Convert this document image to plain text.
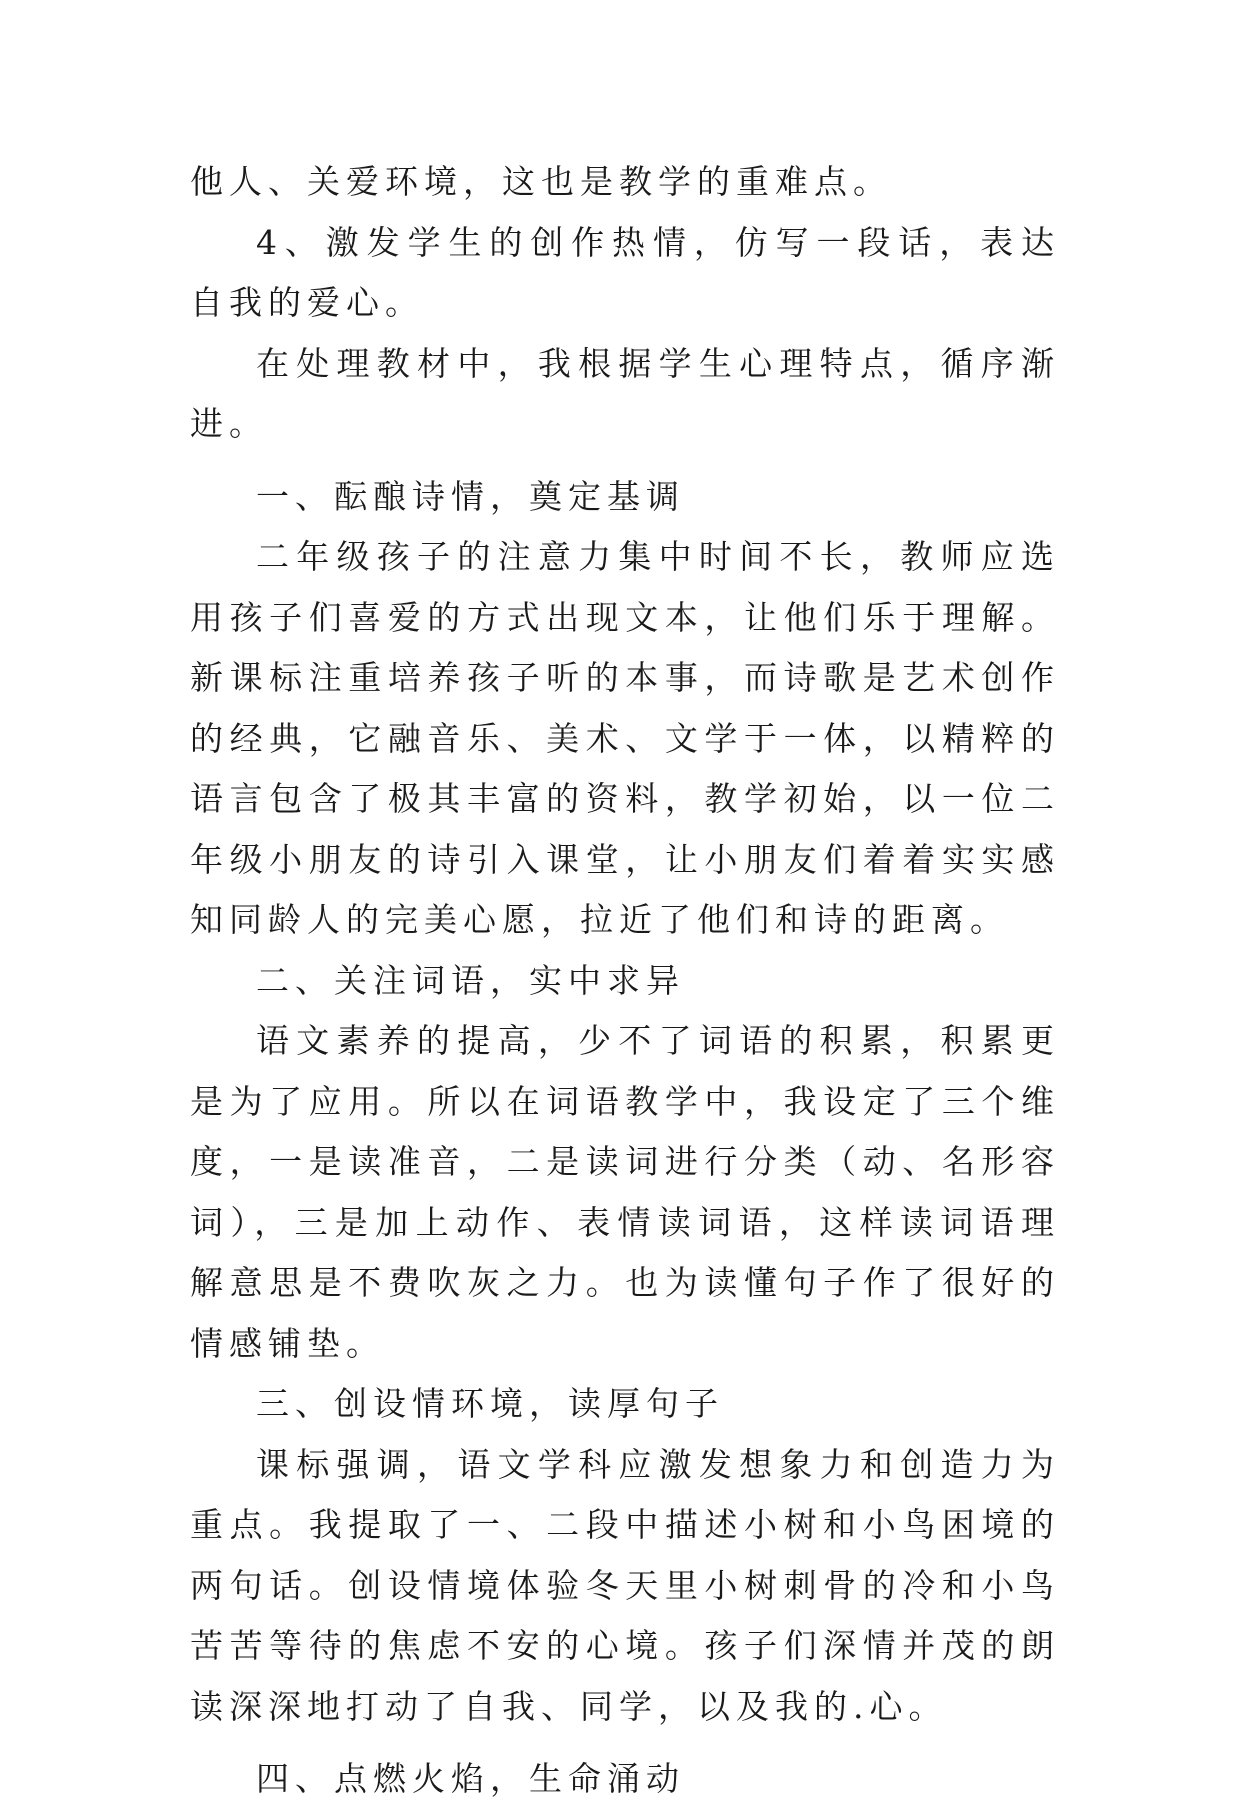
他人、关爱环境，这也是教学的重难点。

4、激发学生的创作热情，仿写一段话，表达自我的爱心。

在处理教材中，我根据学生心理特点，循序渐进。

一、酝酿诗情，奠定基调

二年级孩子的注意力集中时间不长，教师应选用孩子们喜爱的方式出现文本，让他们乐于理解。新课标注重培养孩子听的本事，而诗歌是艺术创作的经典，它融音乐、美术、文学于一体，以精粹的语言包含了极其丰富的资料，教学初始，以一位二年级小朋友的诗引入课堂，让小朋友们着着实实感知同龄人的完美心愿，拉近了他们和诗的距离。

二、关注词语，实中求异

语文素养的提高，少不了词语的积累，积累更是为了应用。所以在词语教学中，我设定了三个维度，一是读准音，二是读词进行分类（动、名形容词），三是加上动作、表情读词语，这样读词语理解意思是不费吹灰之力。也为读懂句子作了很好的情感铺垫。

三、创设情环境，读厚句子

课标强调，语文学科应激发想象力和创造力为重点。我提取了一、二段中描述小树和小鸟困境的两句话。创设情境体验冬天里小树刺骨的冷和小鸟苦苦等待的焦虑不安的心境。孩子们深情并茂的朗读深深地打动了自我、同学，以及我的.心。

四、点燃火焰，生命涌动
